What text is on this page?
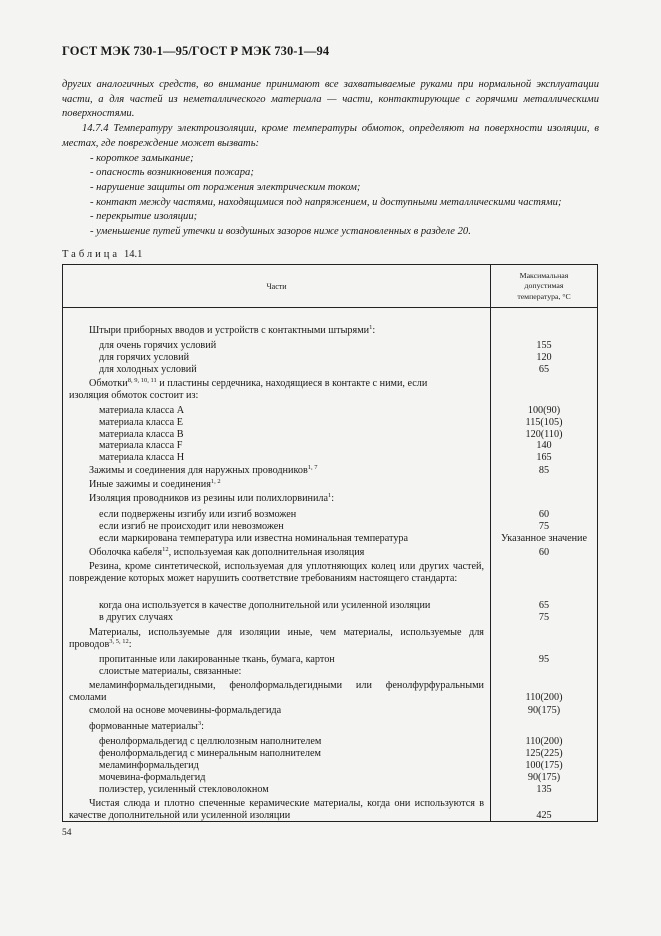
ГОСТ МЭК 730-1—95/ГОСТ Р МЭК 730-1—94

других аналогичных средств, во внимание принимают все захватываемые руками при нормальной эксплуатации части, а для частей из неметаллического материала — части, контактирующие с горячими металлическими поверхностями.

14.7.4 Температуру электроизоляции, кроме температуры обмоток, определяют на поверхности изоляции, в местах, где повреждение может вызвать:

- короткое замыкание;

- опасность возникновения пожара;

- нарушение защиты от поражения электрическим током;

- контакт между частями, находящимися под напряжением, и доступными металлическими частями;

- перекрытие изоляции;

- уменьшение путей утечки и воздушных зазоров ниже установленных в разделе 20.

Таблица 14.1
Части
Максимальная
допустимая
температура, °С
Штыри приборных вводов и устройств с контактными штырями$^1$:
для очень горячих условий	155
для горячих условий	120
для холодных условий	65
Обмотки$^{8, 9, 10, 11}$ и пластины сердечника, находящиеся в контакте с ними, если
изоляция обмоток состоит из:
материала класса А	100(90)
материала класса Е	115(105)
материала класса В	120(110)
материала класса F	140
материала класса Н	165
Зажимы и соединения для наружных проводников$^{1, 7}$	85
Иные зажимы и соединения$^{1, 2}$
Изоляция проводников из резины или полихлорвинила$^1$:
если подвержены изгибу или изгиб возможен	60
если изгиб не происходит или невозможен	75
если маркирована температура или известна номинальная температура	Указанное значение
Оболочка кабеля$^{12}$, используемая как дополнительная изоляция	60
Резина, кроме синтетической, используемая для уплотняющих колец или других частей, повреждение которых может нарушить соответствие требованиям настоящего стандарта:
когда она используется в качестве дополнительной или усиленной изоляции	65
в других случаях	75
Материалы, используемые для изоляции иные, чем материалы, используемые для проводов$^{3, 5, 12}$:
пропитанные или лакированные ткань, бумага, картон	95
слоистые материалы, связанные:
меламинформальдегидными, фенолформальдегидными или фенолфурфуральными смолами	110(200)
смолой на основе мочевины-формальдегида	90(175)
формованные материалы$^3$:
фенолформальдегид с целлюлозным наполнителем	110(200)
фенолформальдегид с минеральным наполнителем	125(225)
меламинформальдегид	100(175)
мочевина-формальдегид	90(175)
полиэстер, усиленный стекловолокном	135
Чистая слюда и плотно спеченные керамические материалы, когда они используются в качестве дополнительной или усиленной изоляции	425
54
